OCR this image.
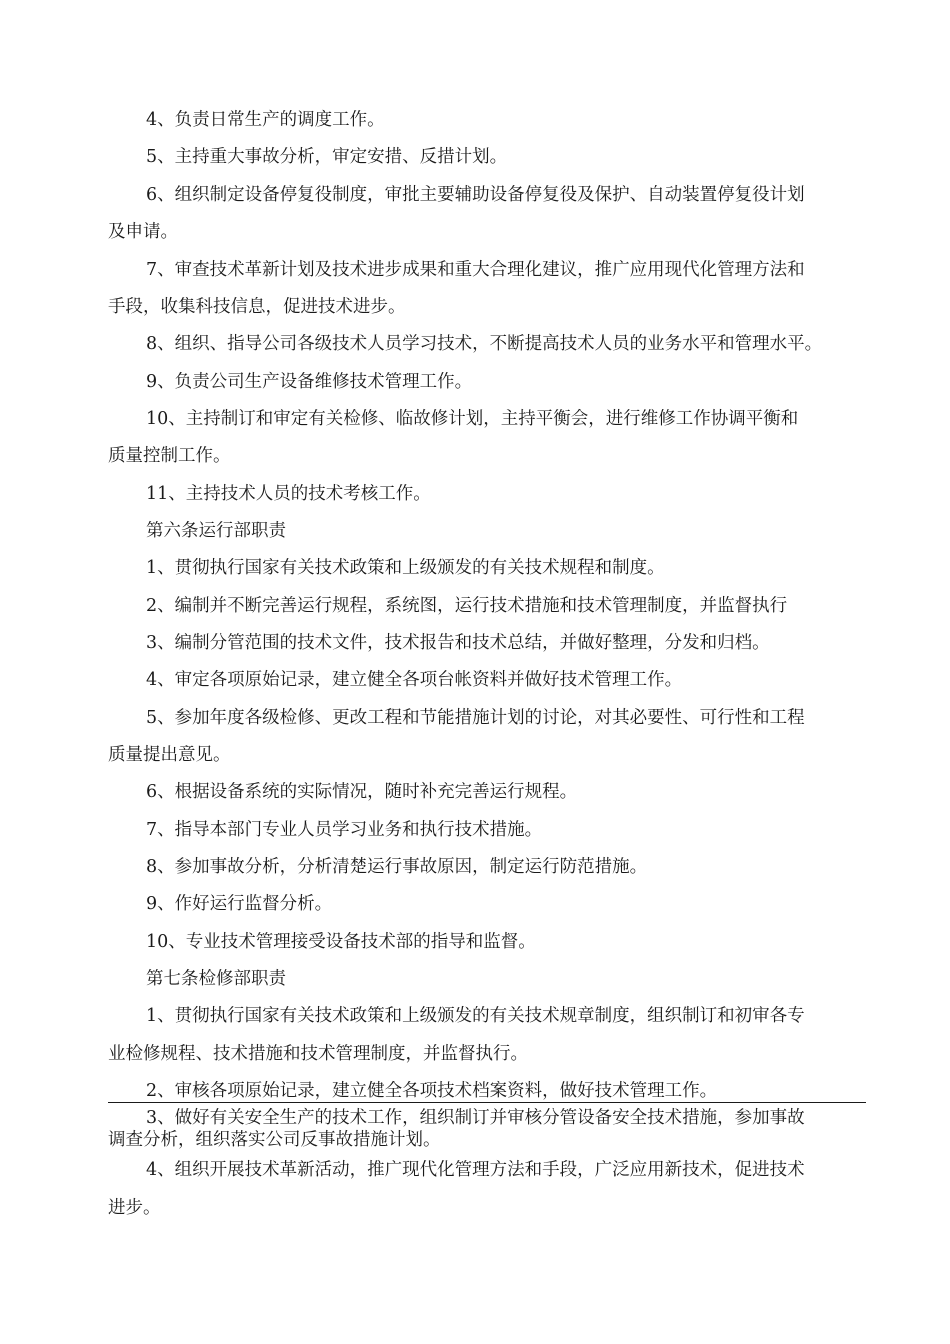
4、负责日常生产的调度工作。
5、主持重大事故分析，审定安措、反措计划。
6、组织制定设备停复役制度，审批主要辅助设备停复役及保护、自动装置停复役计划
及申请。
7、审查技术革新计划及技术进步成果和重大合理化建议，推广应用现代化管理方法和
手段，收集科技信息，促进技术进步。
8、组织、指导公司各级技术人员学习技术，不断提高技术人员的业务水平和管理水平。
9、负责公司生产设备维修技术管理工作。
10、主持制订和审定有关检修、临故修计划，主持平衡会，进行维修工作协调平衡和
质量控制工作。
11、主持技术人员的技术考核工作。
第六条运行部职责
1、贯彻执行国家有关技术政策和上级颁发的有关技术规程和制度。
2、编制并不断完善运行规程，系统图，运行技术措施和技术管理制度，并监督执行
3、编制分管范围的技术文件，技术报告和技术总结，并做好整理，分发和归档。
4、审定各项原始记录，建立健全各项台帐资料并做好技术管理工作。
5、参加年度各级检修、更改工程和节能措施计划的讨论，对其必要性、可行性和工程
质量提出意见。
6、根据设备系统的实际情况，随时补充完善运行规程。
7、指导本部门专业人员学习业务和执行技术措施。
8、参加事故分析，分析清楚运行事故原因，制定运行防范措施。
9、作好运行监督分析。
10、专业技术管理接受设备技术部的指导和监督。
第七条检修部职责
1、贯彻执行国家有关技术政策和上级颁发的有关技术规章制度，组织制订和初审各专
业检修规程、技术措施和技术管理制度，并监督执行。
2、审核各项原始记录，建立健全各项技术档案资料，做好技术管理工作。
3、做好有关安全生产的技术工作，组织制订并审核分管设备安全技术措施，参加事故
调查分析，组织落实公司反事故措施计划。
4、组织开展技术革新活动，推广现代化管理方法和手段，广泛应用新技术，促进技术
进步。
